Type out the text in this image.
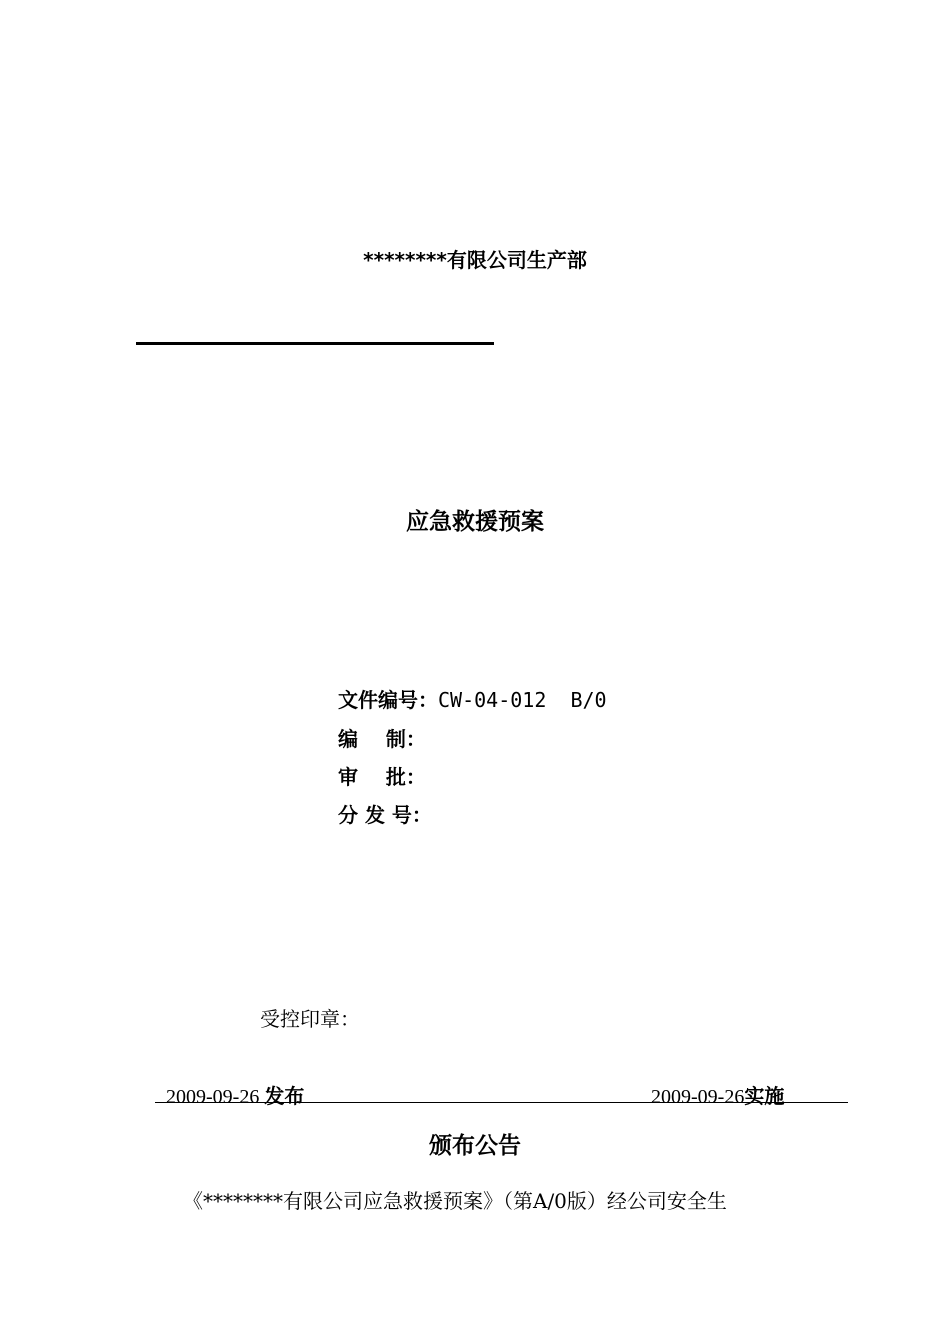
********有限公司生产部
应急救援预案
文件编号：CW-04-012  B/0
编    制：
审    批：
分 发 号：
受控印章：
2009-09-26 发布	2009-09-26实施
颁布公告
《********有限公司应急救援预案》（第A/0版）经公司安全生
